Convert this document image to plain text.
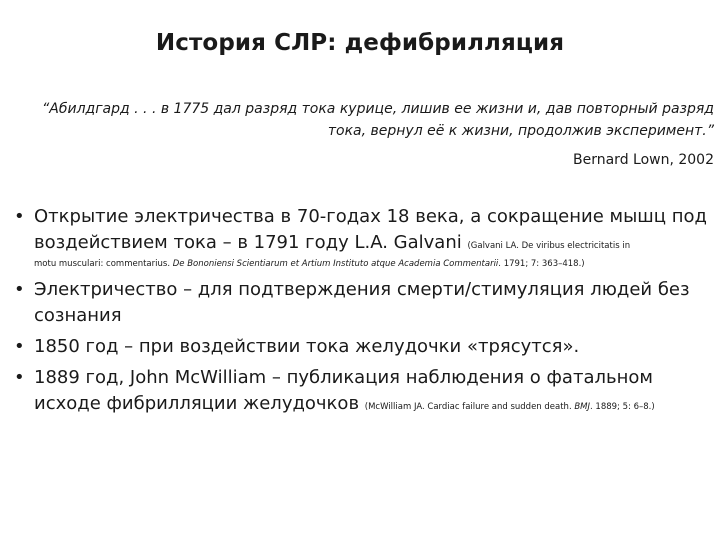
История СЛР: дефибрилляция
“Абилдгард . . . в 1775 дал разряд тока курице, лишив ее жизни и, дав повторный разряд
тока, вернул её к жизни, продолжив эксперимент.”
Bernard Lown, 2002
• Открытие электричества в 70-годах 18 века, а сокращение мышц под воздействием тока – в 1791 году L.A. Galvani (Galvani LA. De viribus electricitatis in
motu musculari: commentarius. De Bononiensi Scientiarum et Artium Instituto atque Academia Commentarii. 1791; 7: 363–418.)
• Электричество – для подтверждения смерти/стимуляция людей без сознания
• 1850 год – при воздействии тока желудочки «трясутся».
• 1889 год, John McWilliam – публикация наблюдения о фатальном исходе фибрилляции желудочков (McWilliam JA. Cardiac failure and sudden death. BMJ. 1889; 5: 6–8.)
